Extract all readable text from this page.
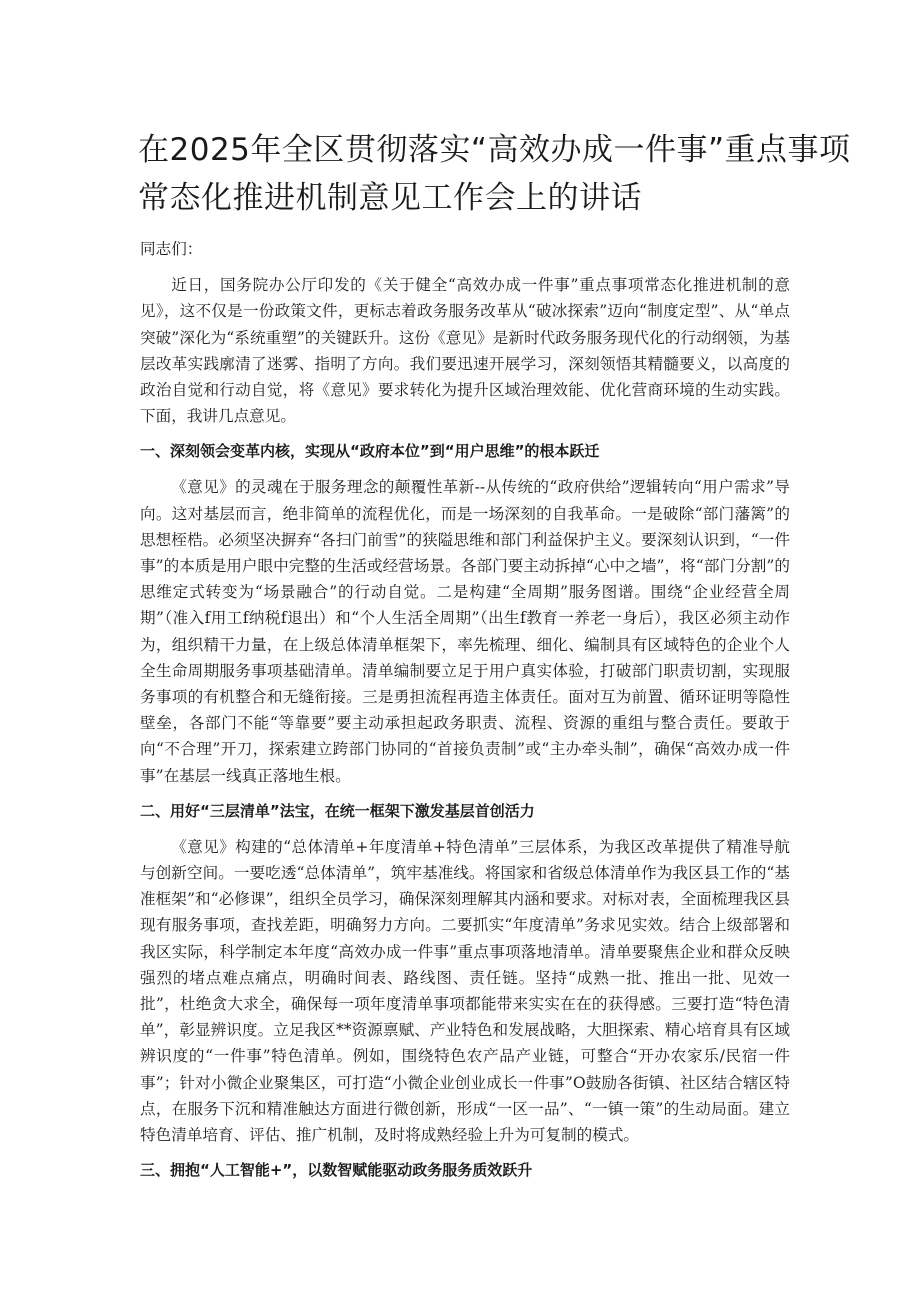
在2025年全区贯彻落实“高效办成一件事”重点事项
常态化推进机制意见工作会上的讲话

同志们：

近日，国务院办公厅印发的《关于健全“高效办成一件事”重点事项常态化推进机制的意见》，这不仅是一份政策文件，更标志着政务服务改革从“破冰探索”迈向“制度定型”、从“单点突破”深化为“系统重塑”的关键跃升。这份《意见》是新时代政务服务现代化的行动纲领，为基层改革实践廓清了迷雾、指明了方向。我们要迅速开展学习，深刻领悟其精髓要义，以高度的政治自觉和行动自觉，将《意见》要求转化为提升区域治理效能、优化营商环境的生动实践。下面，我讲几点意见。

一、深刻领会变革内核，实现从“政府本位”到“用户思维”的根本跃迁

《意见》的灵魂在于服务理念的颠覆性革新--从传统的“政府供给”逻辑转向“用户需求”导向。这对基层而言，绝非简单的流程优化，而是一场深刻的自我革命。一是破除“部门藩篱”的思想桎梏。必须坚决摒弃“各扫门前雪”的狭隘思维和部门利益保护主义。要深刻认识到，“一件事”的本质是用户眼中完整的生活或经营场景。各部门要主动拆掉“心中之墙”，将“部门分割”的思维定式转变为“场景融合”的行动自觉。二是构建“全周期”服务图谱。围绕“企业经营全周期”（准入f用工f纳税f退出）和“个人生活全周期”（出生f教育一养老一身后），我区必须主动作为，组织精干力量，在上级总体清单框架下，率先梳理、细化、编制具有区域特色的企业个人全生命周期服务事项基础清单。清单编制要立足于用户真实体验，打破部门职责切割，实现服务事项的有机整合和无缝衔接。三是勇担流程再造主体责任。面对互为前置、循环证明等隐性壁垒，各部门不能“等靠要”要主动承担起政务职责、流程、资源的重组与整合责任。要敢于向“不合理”开刀，探索建立跨部门协同的“首接负责制”或“主办牵头制”，确保“高效办成一件事”在基层一线真正落地生根。

二、用好“三层清单”法宝，在统一框架下激发基层首创活力

《意见》构建的“总体清单+年度清单+特色清单”三层体系，为我区改革提供了精准导航与创新空间。一要吃透“总体清单”，筑牢基准线。将国家和省级总体清单作为我区县工作的“基准框架”和“必修课”，组织全员学习，确保深刻理解其内涵和要求。对标对表，全面梳理我区县现有服务事项，查找差距，明确努力方向。二要抓实“年度清单”务求见实效。结合上级部署和我区实际，科学制定本年度“高效办成一件事”重点事项落地清单。清单要聚焦企业和群众反映强烈的堵点难点痛点，明确时间表、路线图、责任链。坚持“成熟一批、推出一批、见效一批”，杜绝贪大求全，确保每一项年度清单事项都能带来实实在在的获得感。三要打造“特色清单”，彰显辨识度。立足我区**资源禀赋、产业特色和发展战略，大胆探索、精心培育具有区域辨识度的“一件事”特色清单。例如，围绕特色农产品产业链，可整合“开办农家乐/民宿一件事”；针对小微企业聚集区，可打造“小微企业创业成长一件事”O鼓励各街镇、社区结合辖区特点，在服务下沉和精准触达方面进行微创新，形成“一区一品”、“一镇一策”的生动局面。建立特色清单培育、评估、推广机制，及时将成熟经验上升为可复制的模式。

三、拥抱“人工智能+”，以数智赋能驱动政务服务质效跃升
